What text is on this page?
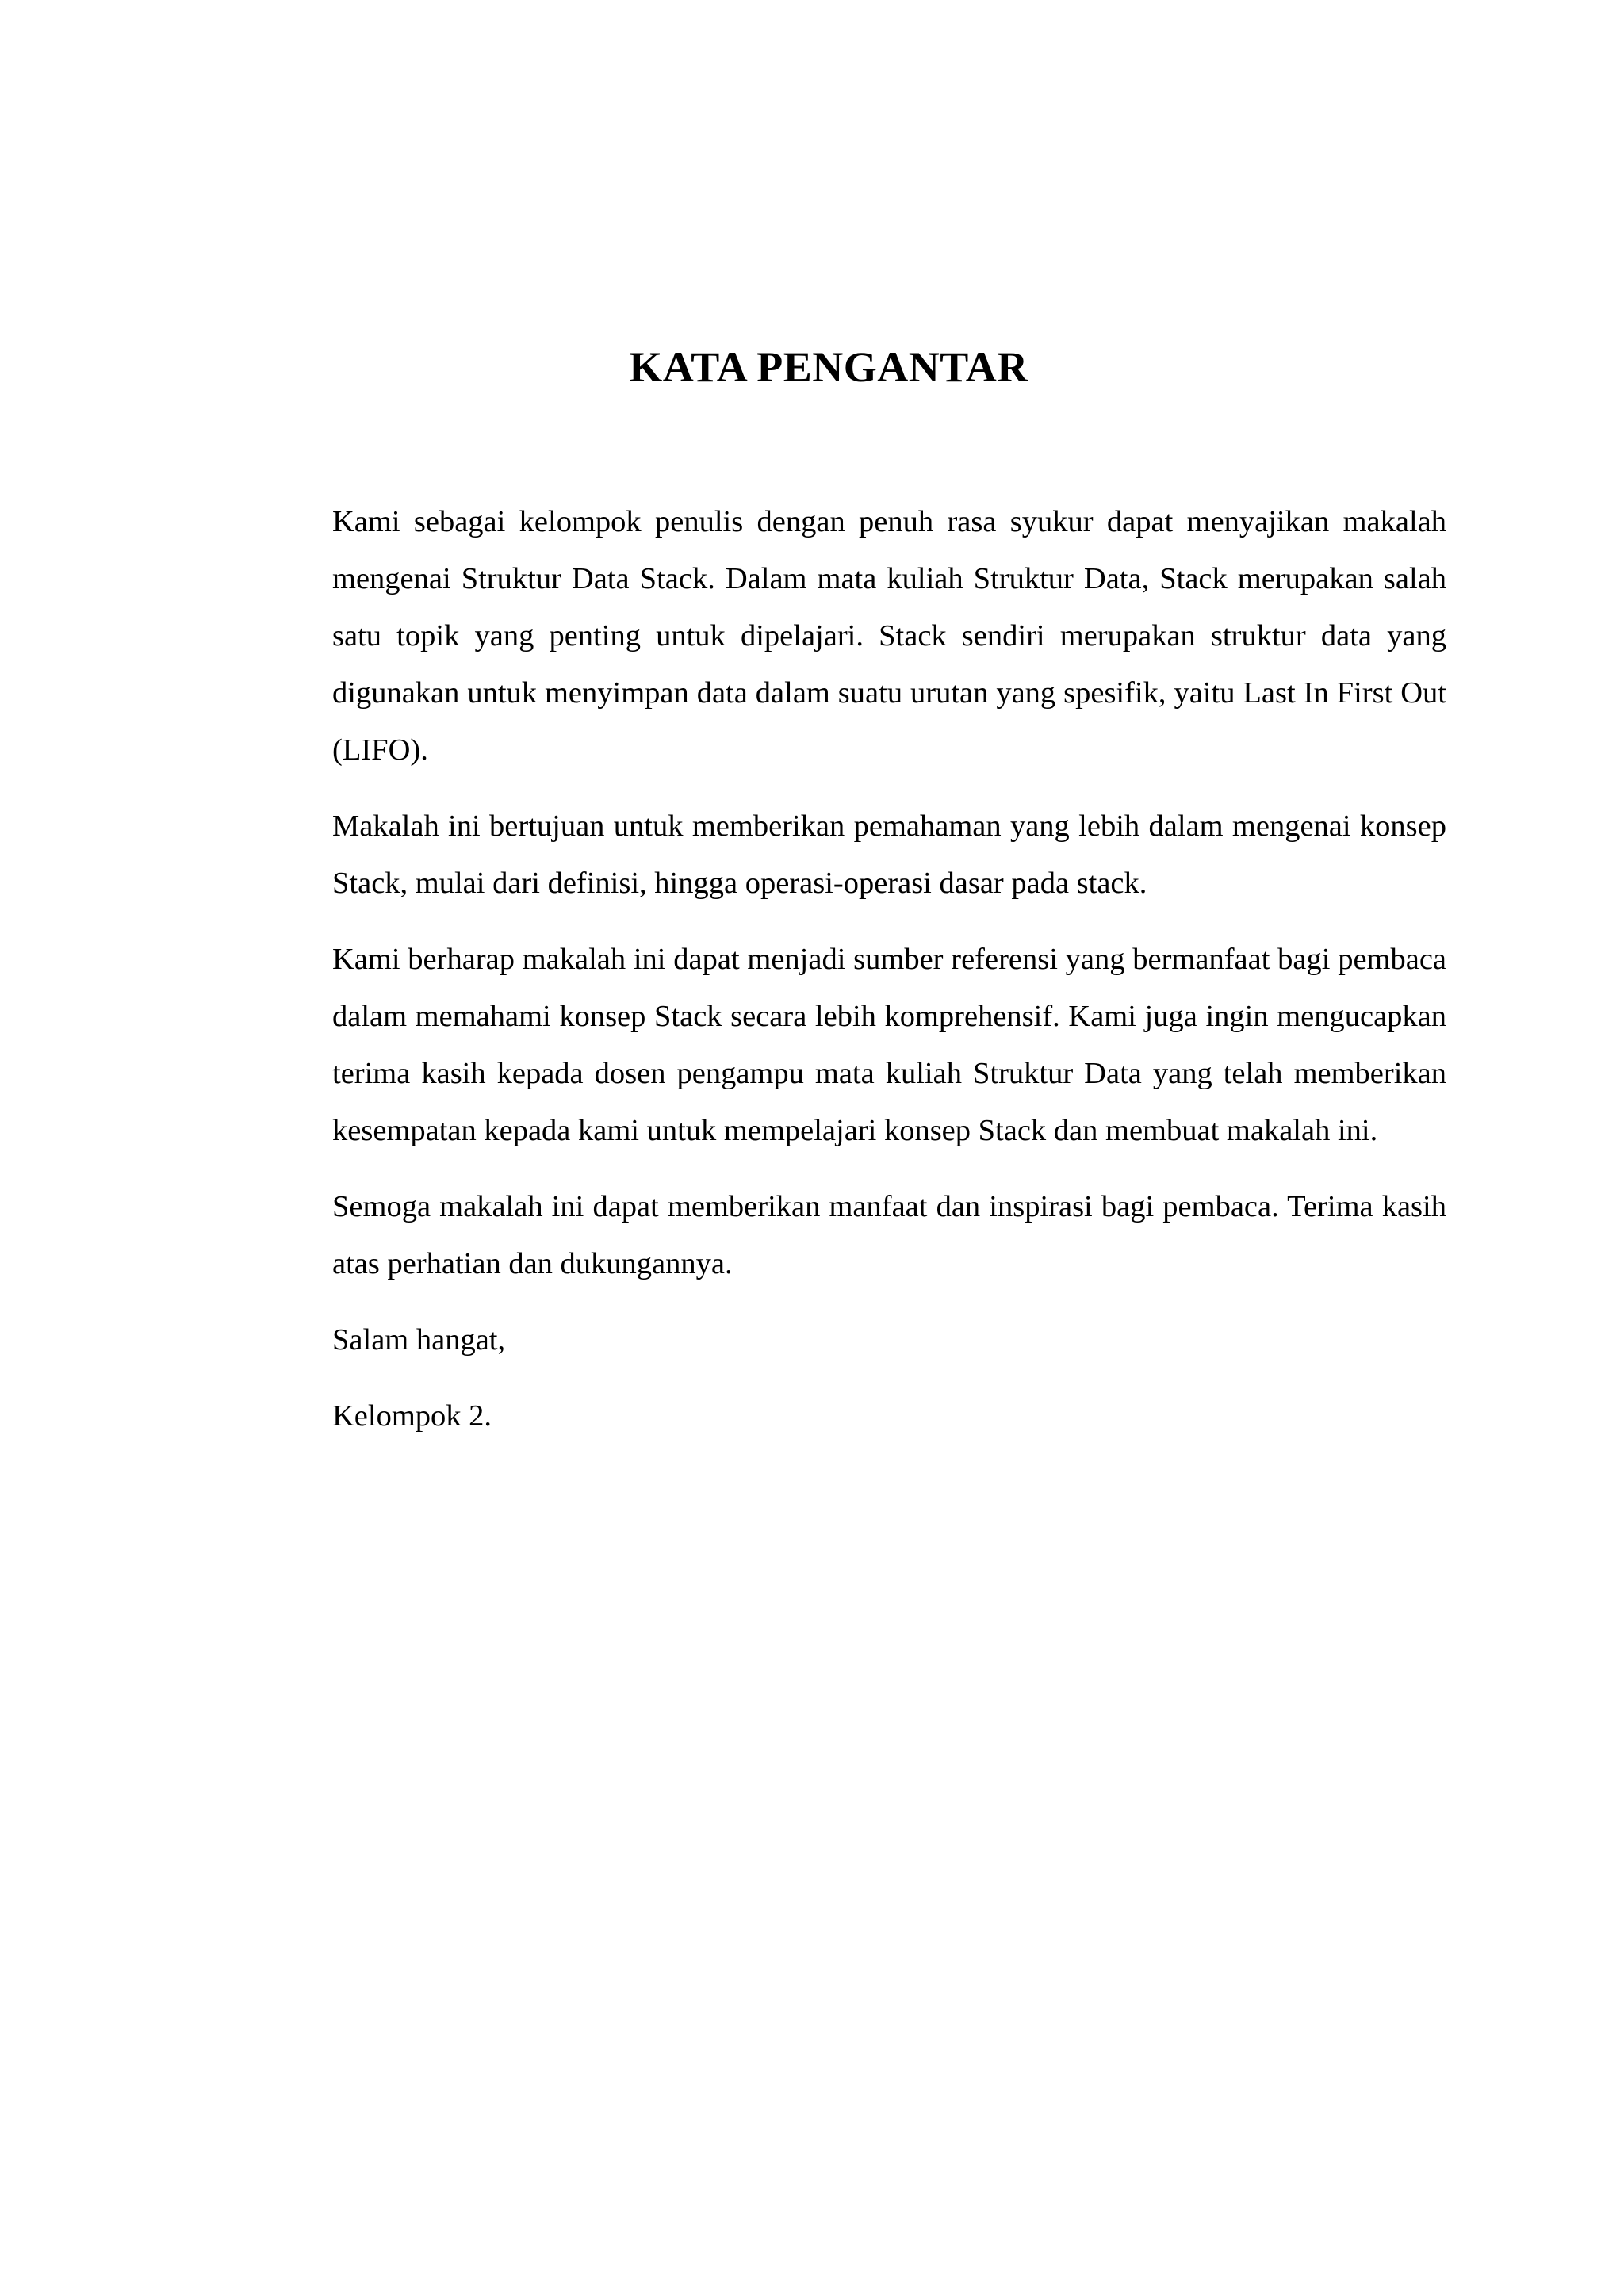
KATA PENGANTAR

Kami sebagai kelompok penulis dengan penuh rasa syukur dapat menyajikan makalah mengenai Struktur Data Stack. Dalam mata kuliah Struktur Data, Stack merupakan salah satu topik yang penting untuk dipelajari. Stack sendiri merupakan struktur data yang digunakan untuk menyimpan data dalam suatu urutan yang spesifik, yaitu Last In First Out (LIFO).

Makalah ini bertujuan untuk memberikan pemahaman yang lebih dalam mengenai konsep Stack, mulai dari definisi, hingga operasi-operasi dasar pada stack.

Kami berharap makalah ini dapat menjadi sumber referensi yang bermanfaat bagi pembaca dalam memahami konsep Stack secara lebih komprehensif. Kami juga ingin mengucapkan terima kasih kepada dosen pengampu mata kuliah Struktur Data yang telah memberikan kesempatan kepada kami untuk mempelajari konsep Stack dan membuat makalah ini.

Semoga makalah ini dapat memberikan manfaat dan inspirasi bagi pembaca. Terima kasih atas perhatian dan dukungannya.

Salam hangat,

Kelompok 2.
